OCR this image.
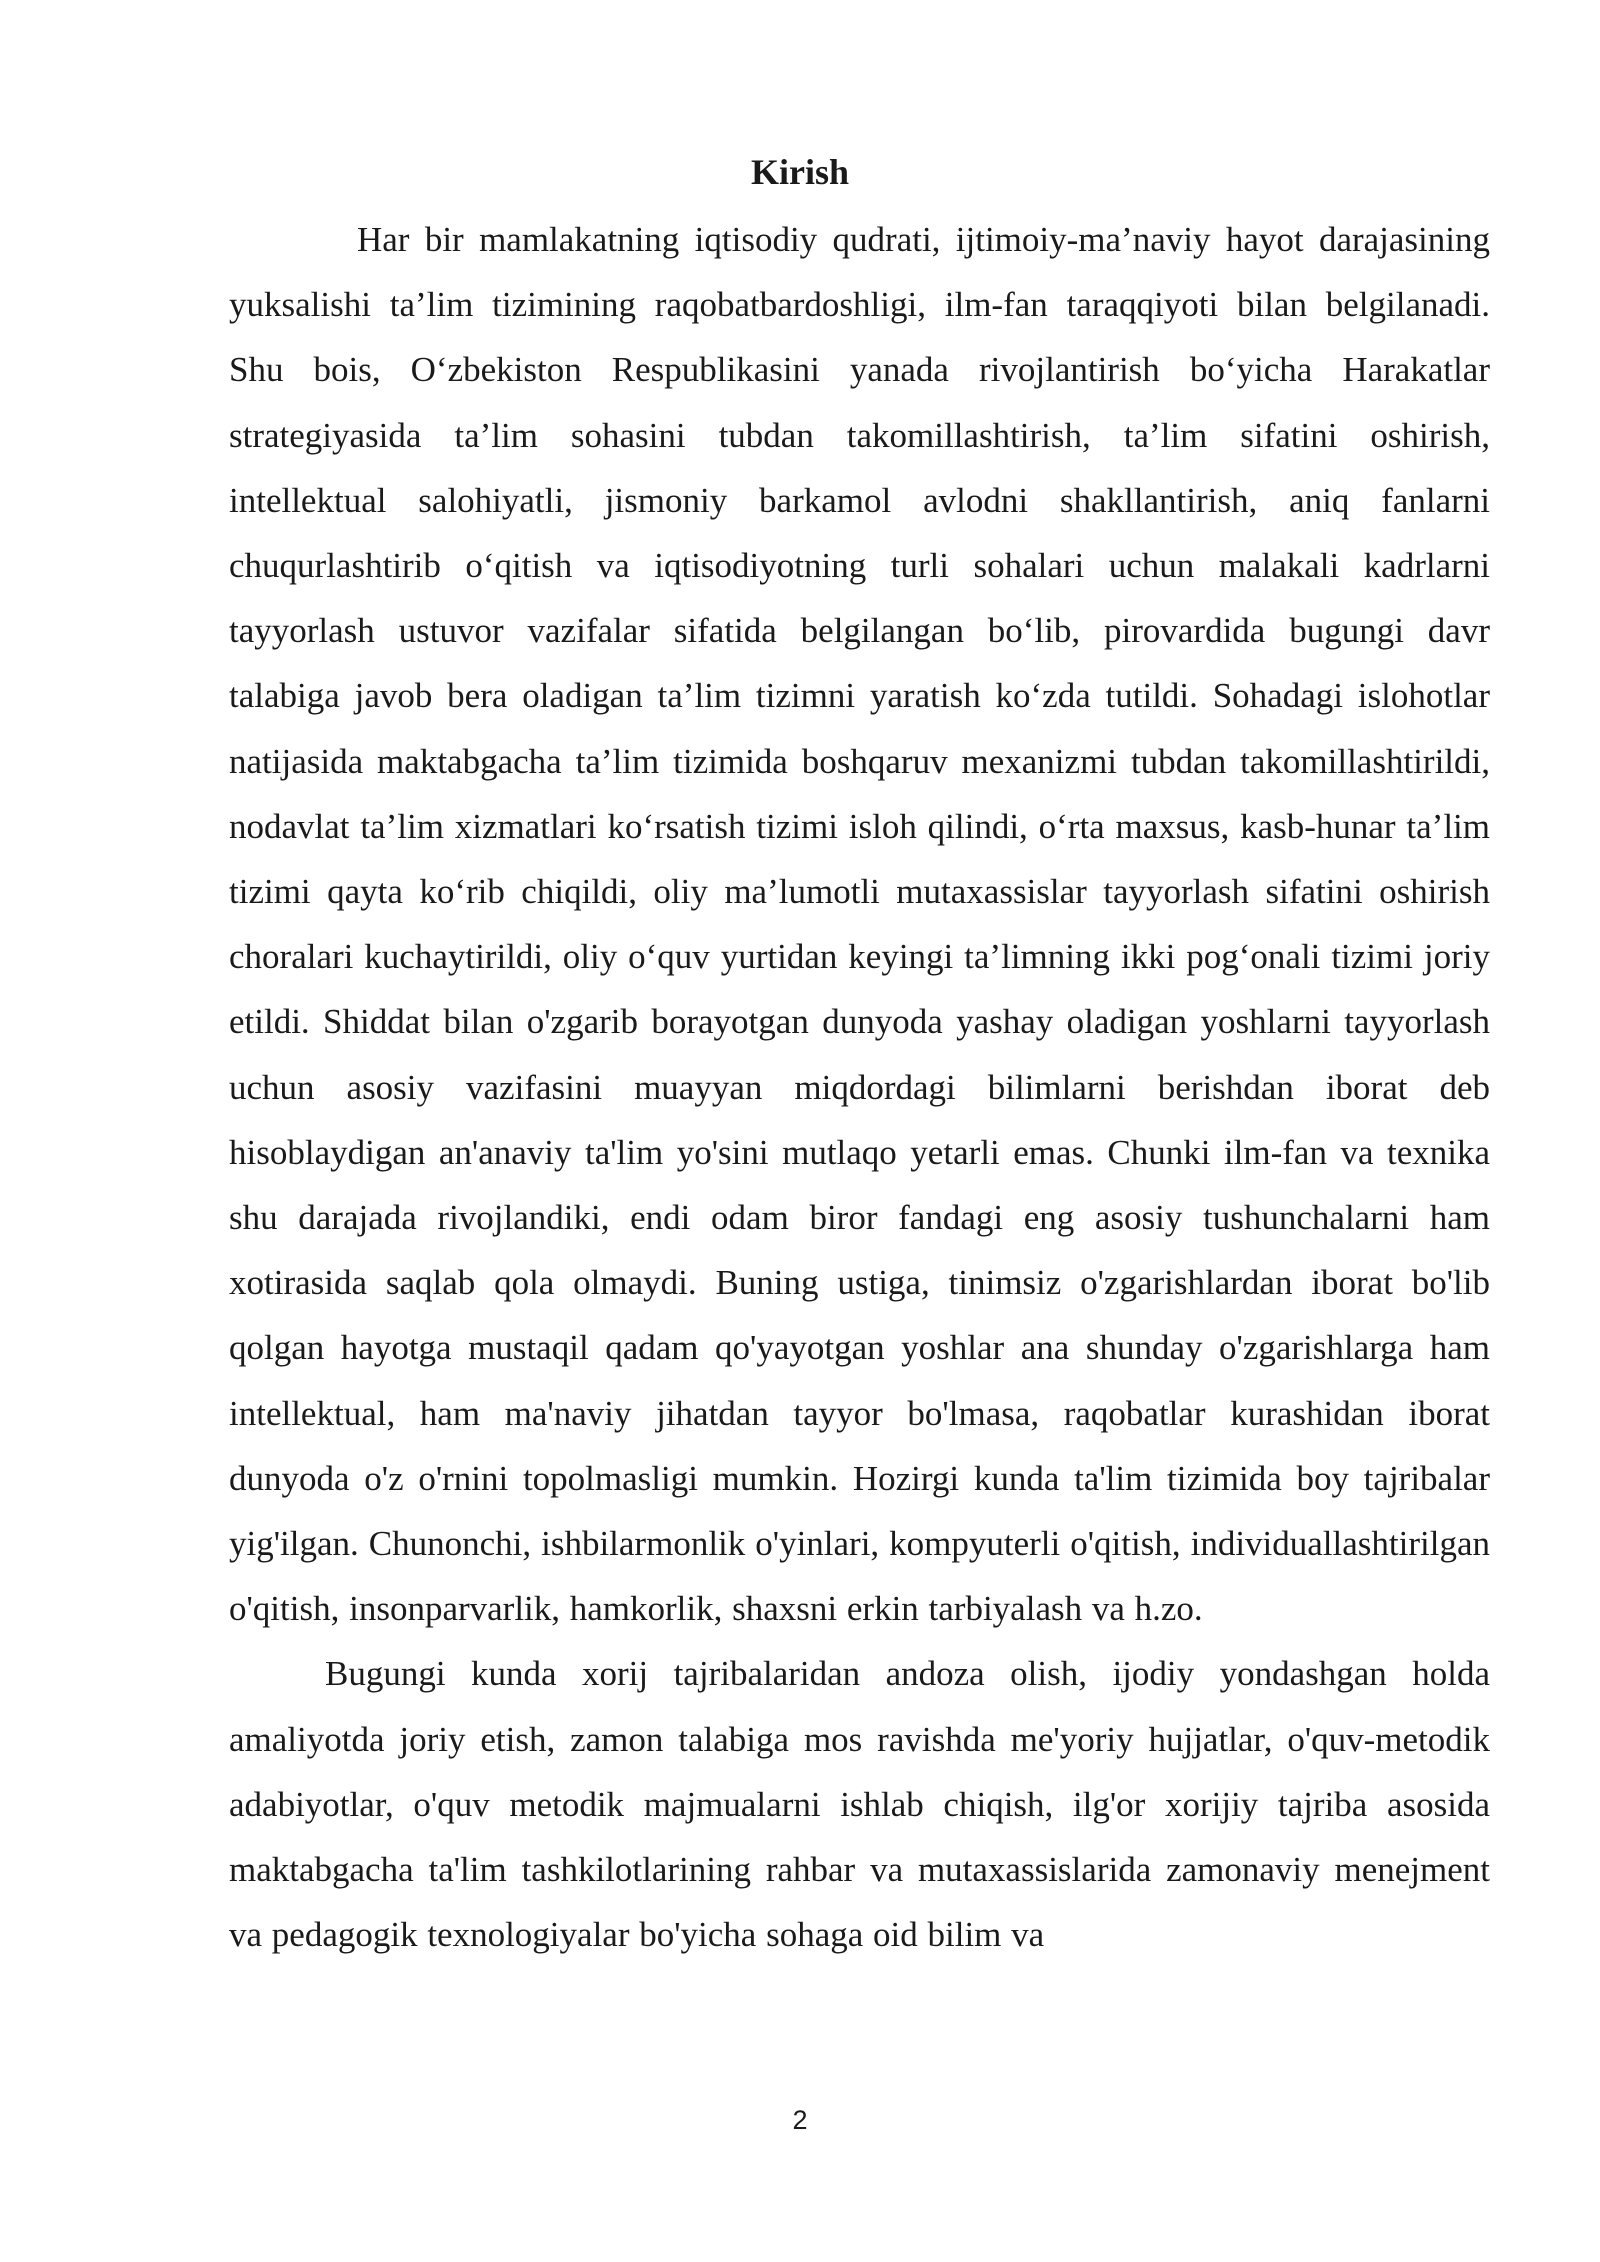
Kirish

Har bir mamlakatning iqtisodiy qudrati, ijtimoiy-ma’naviy hayot darajasining yuksalishi ta’lim tizimining raqobatbardoshligi, ilm-fan taraqqiyoti bilan belgilanadi. Shu bois, O‘zbekiston Respublikasini yanada rivojlantirish bo‘yicha Harakatlar strategiyasida ta’lim sohasini tubdan takomillashtirish, ta’lim sifatini oshirish, intellektual salohiyatli, jismoniy barkamol avlodni shakllantirish, aniq fanlarni chuqurlashtirib o‘qitish va iqtisodiyotning turli sohalari uchun malakali kadrlarni tayyorlash ustuvor vazifalar sifatida belgilangan bo‘lib, pirovardida bugungi davr talabiga javob bera oladigan ta’lim tizimni yaratish ko‘zda tutildi. Sohadagi islohotlar natijasida maktabgacha ta’lim tizimida boshqaruv mexanizmi tubdan takomillashtirildi, nodavlat ta’lim xizmatlari ko‘rsatish tizimi isloh qilindi, o‘rta maxsus, kasb-hunar ta’lim tizimi qayta ko‘rib chiqildi, oliy ma’lumotli mutaxassislar tayyorlash sifatini oshirish choralari kuchaytirildi, oliy o‘quv yurtidan keyingi ta’limning ikki pog‘onali tizimi joriy etildi. Shiddat bilan o'zgarib borayotgan dunyoda yashay oladigan yoshlarni tayyorlash uchun asosiy vazifasini muayyan miqdordagi bilimlarni berishdan iborat deb hisoblaydigan an'anaviy ta'lim yo'sini mutlaqo yetarli emas. Chunki ilm-fan va texnika shu darajada rivojlandiki, endi odam biror fandagi eng asosiy tushunchalarni ham xotirasida saqlab qola olmaydi. Buning ustiga, tinimsiz o'zgarishlardan iborat bo'lib qolgan hayotga mustaqil qadam qo'yayotgan yoshlar ana shunday o'zgarishlarga ham intellektual, ham ma'naviy jihatdan tayyor bo'lmasa, raqobatlar kurashidan iborat dunyoda o'z o'rnini topolmasligi mumkin. Hozirgi kunda ta'lim tizimida boy tajribalar yig'ilgan. Chunonchi, ishbilarmonlik o'yinlari, kompyuterli o'qitish, individuallashtirilgan o'qitish, insonparvarlik, hamkorlik, shaxsni erkin tarbiyalash va h.zo.

Bugungi kunda xorij tajribalaridan andoza olish, ijodiy yondashgan holda amaliyotda joriy etish, zamon talabiga mos ravishda me'yoriy hujjatlar, o'quv-metodik adabiyotlar, o'quv metodik majmualarni ishlab chiqish, ilg'or xorijiy tajriba asosida maktabgacha ta'lim tashkilotlarining rahbar va mutaxassislarida zamonaviy menejment va pedagogik texnologiyalar bo'yicha sohaga oid bilim va

2
